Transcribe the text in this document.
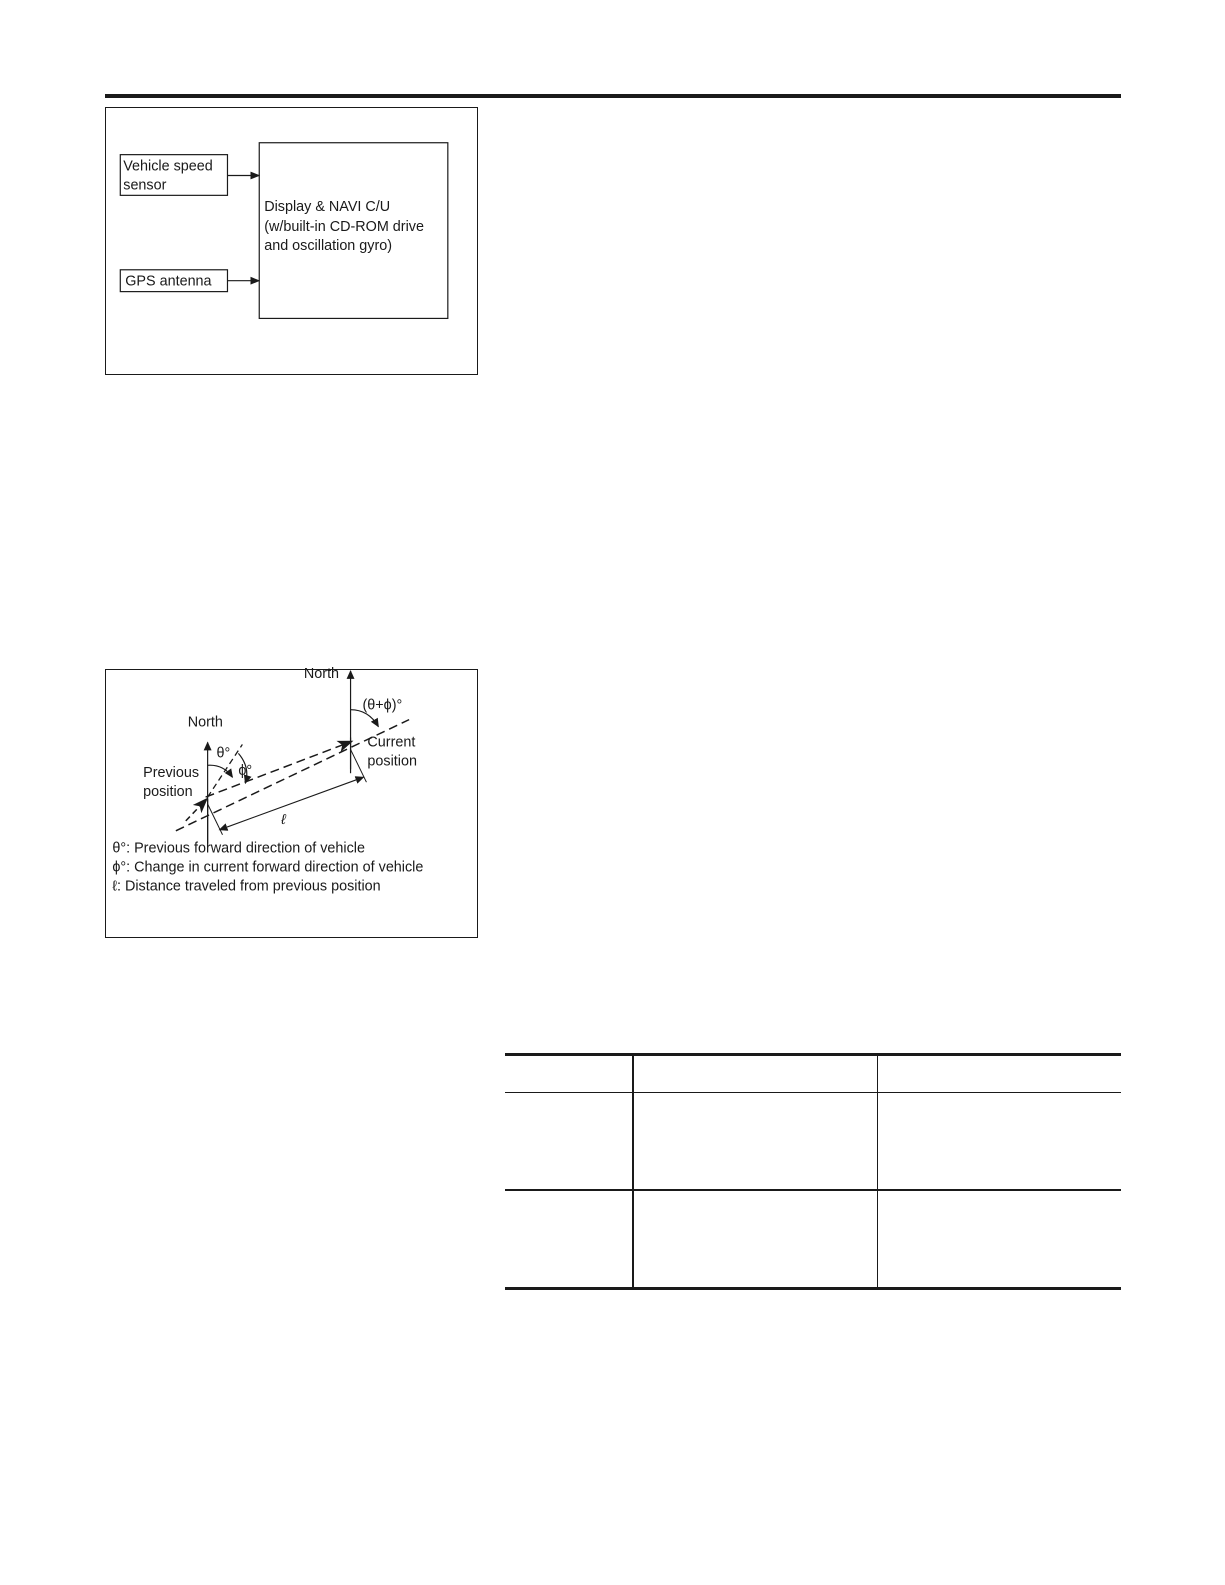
Vehicle speed
sensor
GPS antenna
Display & NAVI C/U
(w/built-in CD-ROM drive
and oscillation gyro)
North
(θ+ϕ)°
North
θ°
ϕ°
Current
position
Previous
position
ℓ
θ°: Previous forward direction of vehicle
ϕ°: Change in current forward direction of vehicle
ℓ: Distance traveled from previous position
